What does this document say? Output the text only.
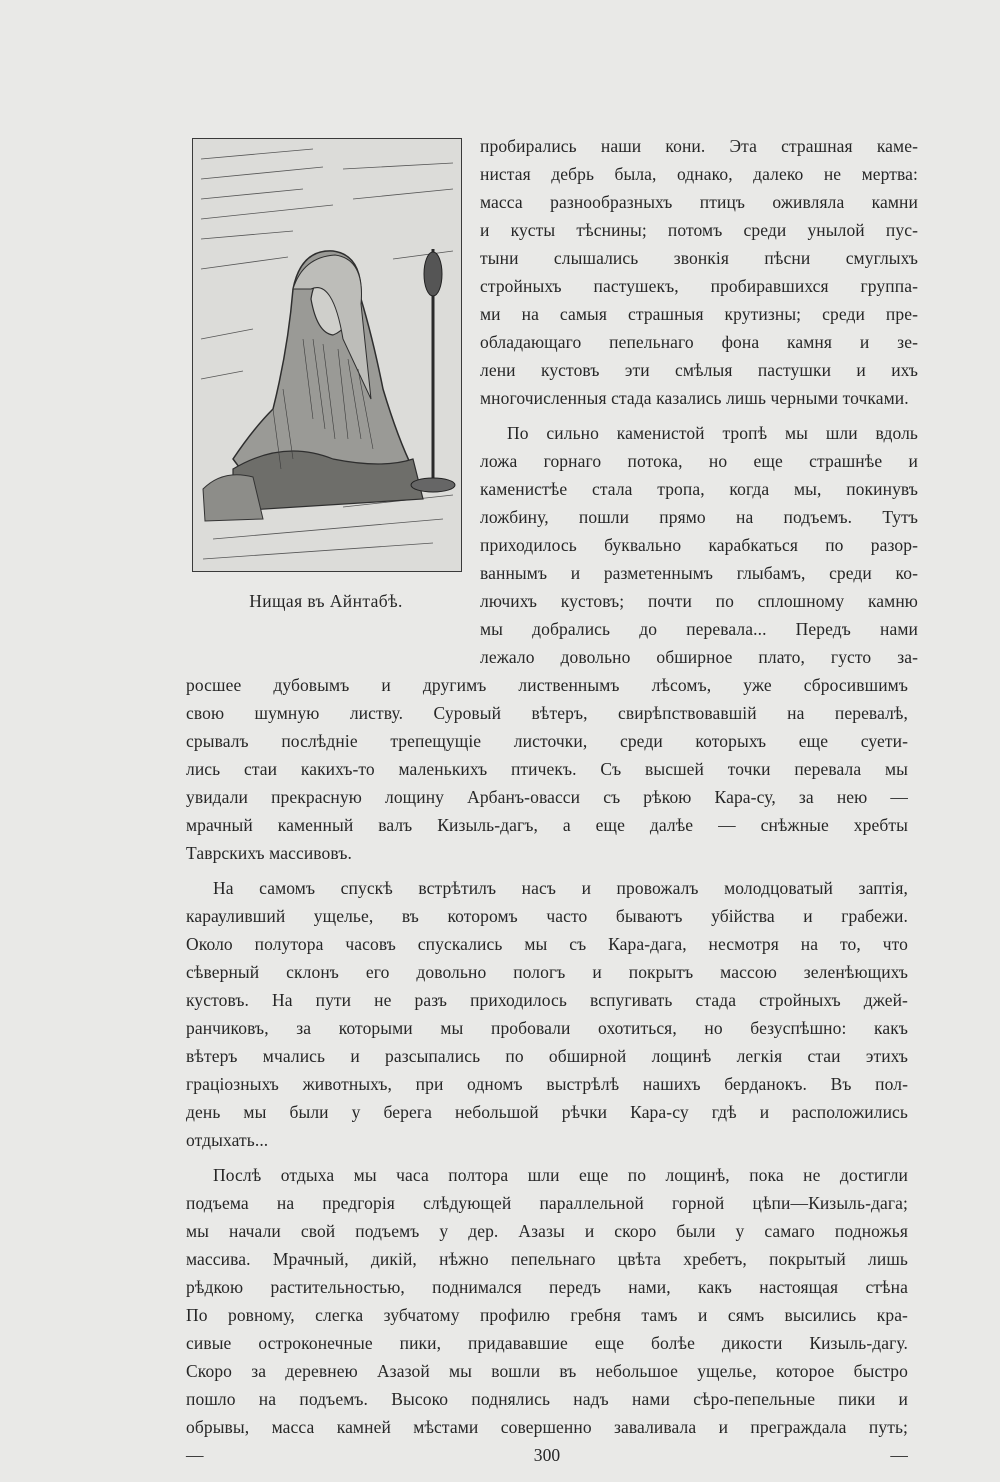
Нищая въ Айнтабѣ.

пробирались наши кони. Эта страшная каме-

нистая дебрь была, однако, далеко не мертва:

масса разнообразныхъ птицъ оживляла камни

и кусты тѣснины; потомъ среди унылой пус-

тыни слышались звонкія пѣсни смуглыхъ

стройныхъ пастушекъ, пробиравшихся группа-

ми на самыя страшныя крутизны; среди пре-

обладающаго пепельнаго фона камня и зе-

лени кустовъ эти смѣлыя пастушки и ихъ

многочисленныя стада казались лишь черными точками.

По сильно каменистой тропѣ мы шли вдоль

ложа горнаго потока, но еще страшнѣе и

каменистѣе стала тропа, когда мы, покинувъ

ложбину, пошли прямо на подъемъ. Тутъ

приходилось буквально карабкаться по разор-

ваннымъ и разметеннымъ глыбамъ, среди ко-

лючихъ кустовъ; почти по сплошному камню

мы добрались до перевала... Передъ нами

лежало довольно обширное плато, густо за-

росшее дубовымъ и другимъ лиственнымъ лѣсомъ, уже сбросившимъ

свою шумную листву. Суровый вѣтеръ, свирѣпствовавшій на перевалѣ,

срывалъ послѣдніе трепещущіе листочки, среди которыхъ еще суети-

лись стаи какихъ-то маленькихъ птичекъ. Съ высшей точки перевала мы

увидали прекрасную лощину Арбанъ-овасси съ рѣкою Кара-су, за нею —

мрачный каменный валъ Кизыль-дагъ, а еще далѣе — снѣжные хребты

Таврскихъ массивовъ.

На самомъ спускѣ встрѣтилъ насъ и провожалъ молодцоватый заптія,

карауливший ущелье, въ которомъ часто бываютъ убійства и грабежи.

Около полутора часовъ спускались мы съ Кара-дага, несмотря на то, что

сѣверный склонъ его довольно пологъ и покрытъ массою зеленѣющихъ

кустовъ. На пути не разъ приходилось вспугивать стада стройныхъ джей-

ранчиковъ, за которыми мы пробовали охотиться, но безуспѣшно: какъ

вѣтеръ мчались и разсыпались по обширной лощинѣ легкія стаи этихъ

граціозныхъ животныхъ, при одномъ выстрѣлѣ нашихъ берданокъ. Въ пол-

день мы были у берега небольшой рѣчки Кара-су гдѣ и расположились

отдыхать...

Послѣ отдыха мы часа полтора шли еще по лощинѣ, пока не достигли

подъема на предгорія слѣдующей параллельной горной цѣпи—Кизыль-дага;

мы начали свой подъемъ у дер. Азазы и скоро были у самаго подножья

массива. Мрачный, дикій, нѣжно пепельнаго цвѣта хребетъ, покрытый лишь

рѣдкою растительностью, поднимался передъ нами, какъ настоящая стѣна

По ровному, слегка зубчатому профилю гребня тамъ и сямъ высились кра-

сивые остроконечные пики, придававшие еще болѣе дикости Кизыль-дагу.

Скоро за деревнею Азазой мы вошли въ небольшое ущелье, которое быстро

пошло на подъемъ. Высоко поднялись надъ нами сѣро-пепельные пики и

обрывы, масса камней мѣстами совершенно заваливала и преграждала путь;

— 300 —
